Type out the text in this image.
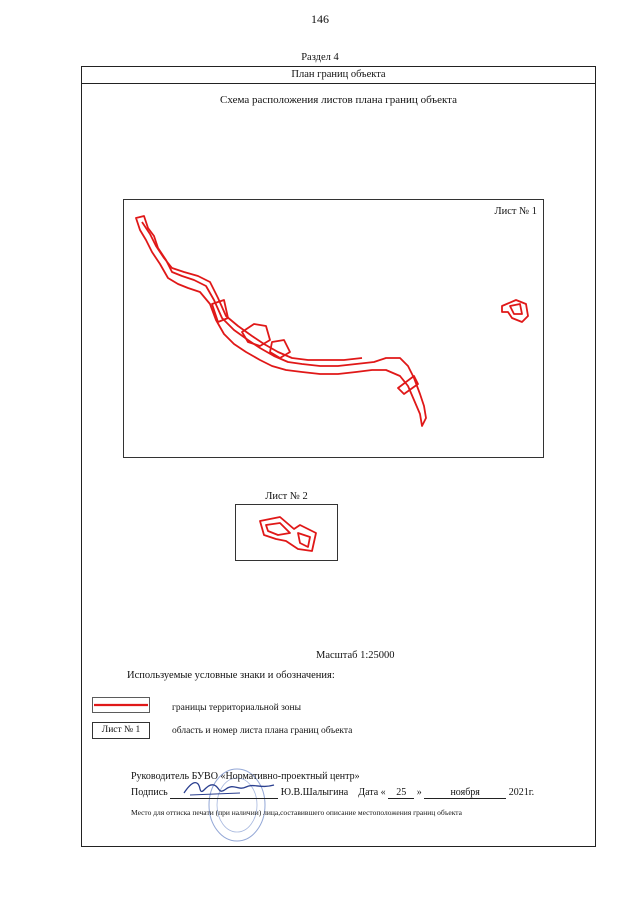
146
Раздел 4
План границ объекта
Схема расположения листов плана границ объекта
Лист № 1
Лист № 2
Масштаб 1:25000
Используемые условные знаки и обозначения:
границы территориальной зоны
Лист № 1	область и номер листа плана границ объекта
Руководитель БУВО «Нормативно-проектный центр»
Подпись	Ю.В.Шалыгина Дата « 25 »	ноября	2021г.
Место для оттиска печати (при наличии) лица,составившего описание местоположения границ объекта
